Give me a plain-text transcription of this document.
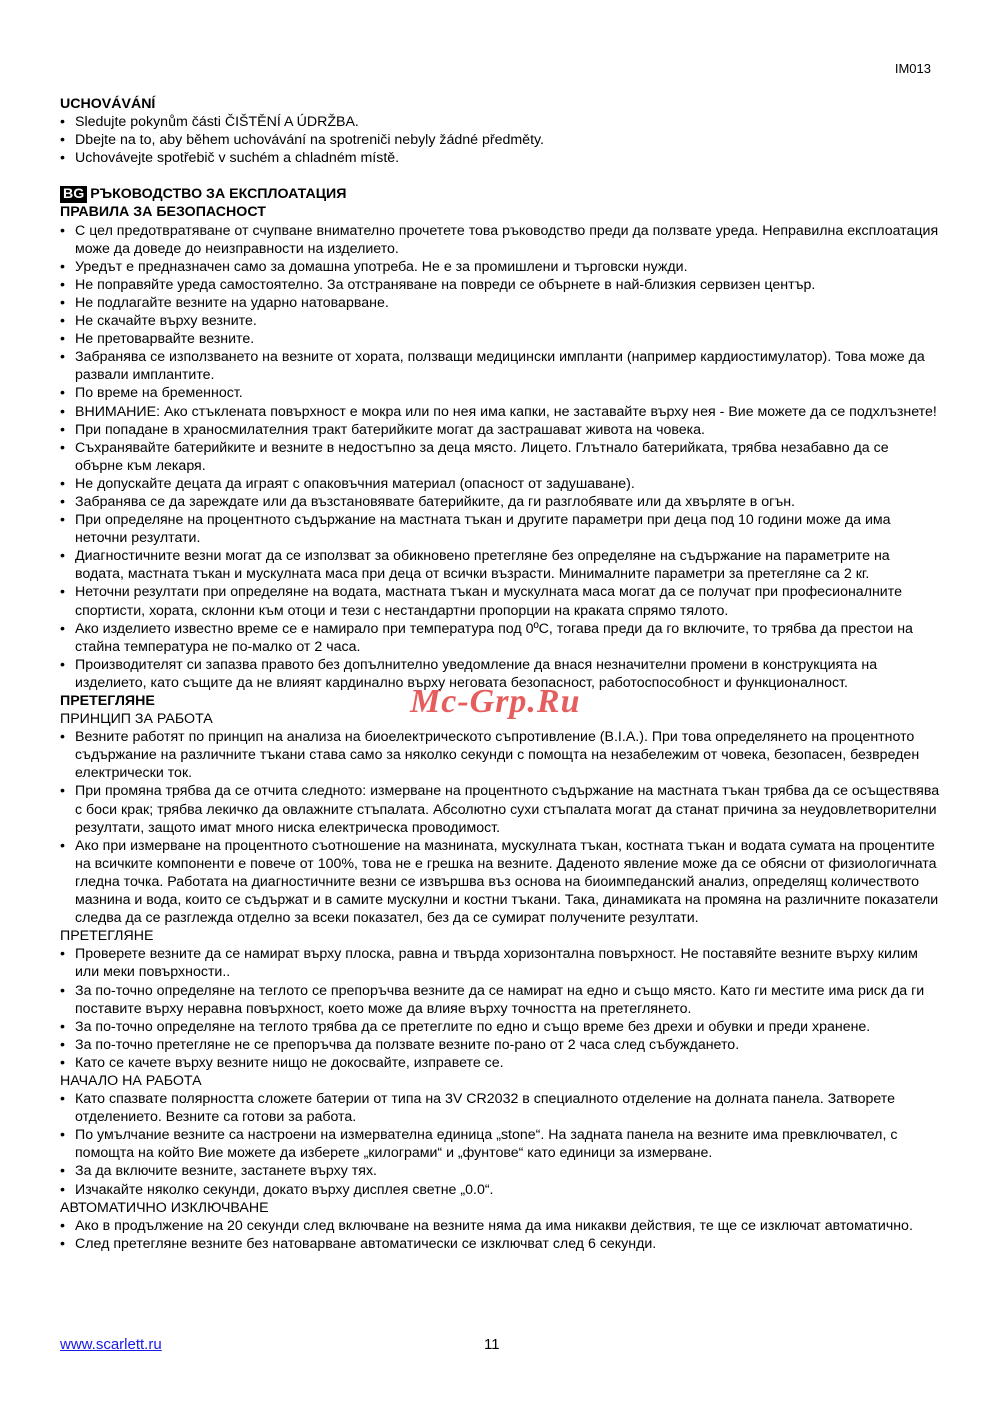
IM013
UCHOVÁVÁNÍ
• Sledujte pokynům části ČIŠTĚNÍ A ÚDRŽBA.
• Dbejte na to, aby během uchovávání na spotreniči nebyly žádné předměty.
• Uchovávejte spotřebič v suchém a chladném místě.
BG РЪКОВОДСТВО ЗА ЕКСПЛОАТАЦИЯ
ПРАВИЛА ЗА БЕЗОПАСНОСТ
• С цел предотвратяване от счупване внимателно прочетете това ръководство преди да ползвате уреда. Неправилна експлоатация може да доведе до неизправности на изделието.
• Уредът е предназначен само за домашна употреба. Не е за промишлени и търговски нужди.
• Не поправяйте уреда самостоятелно. За отстраняване на повреди се обърнете в най-близкия сервизен център.
• Не подлагайте везните на ударно натоварване.
• Не скачайте върху везните.
• Не претоварвайте везните.
• Забранява се използването на везните от хората, ползващи медицински импланти (например кардиостимулатор). Това може да развали имплантите.
• По време на бременност.
• ВНИМАНИЕ: Ако стъклената повърхност е мокра или по нея има капки, не заставайте върху нея - Вие можете да се подхлъзнете!
• При попадане в храносмилателния тракт батерийките могат да застрашават живота на човека.
• Съхранявайте батерийките и везните в недостъпно за деца място. Лицето. Глътнало батерийката, трябва незабавно да се обърне към лекаря.
• Не допускайте децата да играят с опаковъчния материал (опасност от задушаване).
• Забранява се да зареждате или да възстановявате батерийките, да ги разглобявате или да хвърляте в огън.
• При определяне на процентното съдържание на мастната тъкан и другите параметри при деца под 10 години може да има неточни резултати.
• Диагностичните везни могат да се използват за обикновено претегляне без определяне на съдържание на параметрите на водата, мастната тъкан и мускулната маса при деца от всички възрасти. Минималните параметри за претегляне са 2 кг.
• Неточни резултати при определяне на водата, мастната тъкан и мускулната маса могат да се получат при професионалните спортисти, хората, склонни към отоци и тези с нестандартни пропорции на краката спрямо тялото.
• Ако изделието известно време се е намирало при температура под 0ºC, тогава преди да го включите, то трябва да престои на стайна температура не по-малко от 2 часа.
• Производителят си запазва правото без допълнително уведомление да внася незначителни промени в конструкцията на изделието, като същите да не влияят кардинално върху неговата безопасност, работоспособност и функционалност.
ПРЕТЕГЛЯНЕ
ПРИНЦИП ЗА РАБОТА
• Везните работят по принцип на анализа на биоелектрическото съпротивление (B.I.A.). При това определянето на процентното съдържание на различните тъкани става само за няколко секунди с помощта на незабележим от човека, безопасен, безвреден електрически ток.
• При промяна трябва да се отчита следното: измерване на процентното съдържание на мастната тъкан трябва да се осъществява с боси крак; трябва лекичко да овлажните стъпалата. Абсолютно сухи стъпалата могат да станат причина за неудовлетворителни резултати, защото имат много ниска електрическа проводимост.
• Ако при измерване на процентното съотношение на мазнината, мускулната тъкан, костната тъкан и водата сумата на процентите на всичките компоненти е повече от 100%, това не е грешка на везните. Даденото явление може да се обясни от физиологичната гледна точка. Работата на диагностичните везни се извършва въз основа на биоимпеданский анализ, определящ количеството мазнина и вода, които се съдържат и в самите мускулни и костни тъкани. Така, динамиката на промяна на различните показатели следва да се разглежда отделно за всеки показател, без да се сумират получените резултати.
ПРЕТЕГЛЯНЕ
• Проверете везните да се намират върху плоска, равна и твърда хоризонтална повърхност. Не поставяйте везните върху килим или меки повърхности..
• За по-точно определяне на теглото се препоръчва везните да се намират на едно и също място. Като ги местите има риск да ги поставите върху неравна повърхност, което може да влияе върху точността на претеглянето.
• За по-точно определяне на теглото трябва да се претеглите по едно и също време без дрехи и обувки и преди хранене.
• За по-точно претегляне не се препоръчва да ползвате везните по-рано от 2 часа след събуждането.
• Като се качете върху везните нищо не докосвайте, изправете се.
НАЧАЛО НА РАБОТА
• Като спазвате полярността сложете батерии от типа на 3V CR2032 в специалното отделение на долната панела. Затворете отделението. Везните са готови за работа.
• По умълчание везните са настроени на измервателна единица „stone“. На задната панела на везните има превключвател, с помощта на който Вие можете да изберете „килограми“ и „фунтове“ като единици за измерване.
• За да включите везните, застанете върху тях.
• Изчакайте няколко секунди, докато върху дисплея светне „0.0“.
АВТОМАТИЧНО ИЗКЛЮЧВАНЕ
• Ако в продължение на 20 секунди след включване на везните няма да има никакви действия, те ще се изключат автоматично.
• След претегляне везните без натоварване автоматически се изключват след 6 секунди.
Mc-Grp.Ru
www.scarlett.ru	11
